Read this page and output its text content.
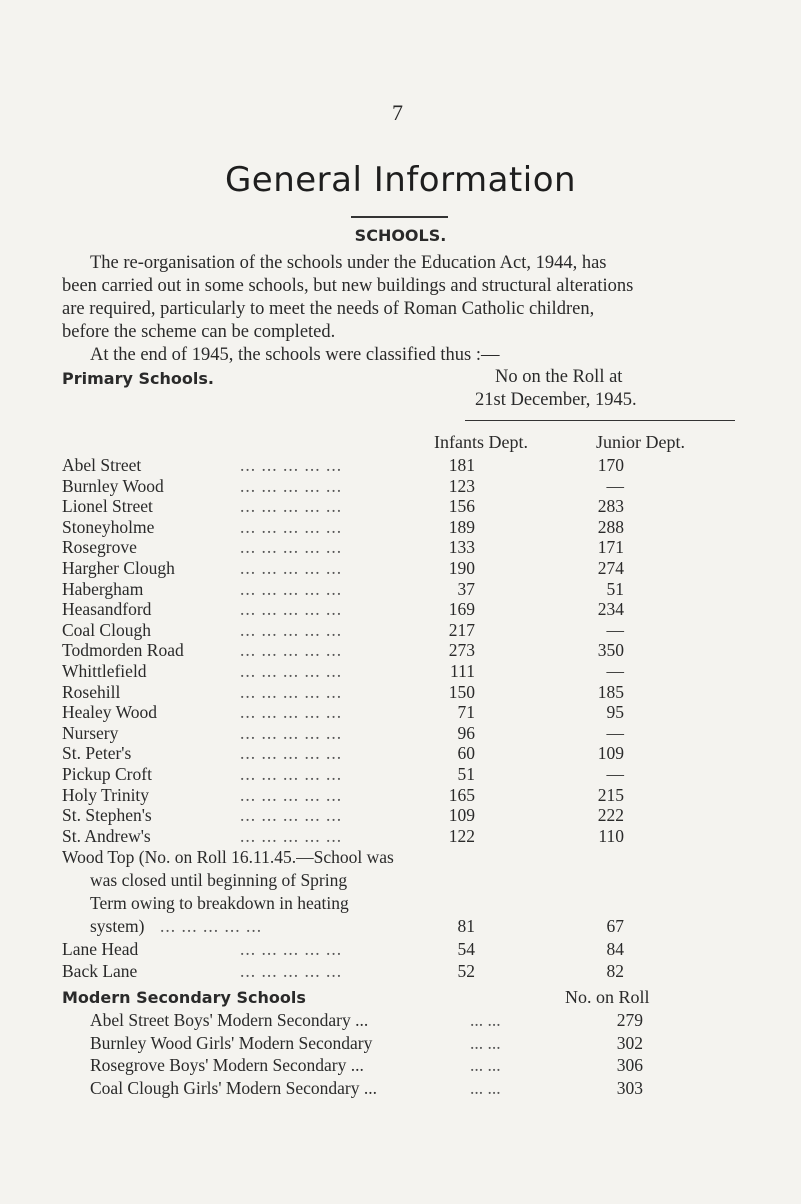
7
General Information
SCHOOLS.
The re-organisation of the schools under the Education Act, 1944, has
been carried out in some schools, but new buildings and structural alterations
are required, particularly to meet the needs of Roman Catholic children,
before the scheme can be completed.
At the end of 1945, the schools were classified thus :—
Primary Schools.	No on the Roll at
21st December, 1945.
Infants Dept.	Junior Dept.
Abel Street	... ... ... ... ...	181	170
Burnley Wood	... ... ... ... ...	123	—
Lionel Street	... ... ... ... ...	156	283
Stoneyholme	... ... ... ... ...	189	288
Rosegrove	... ... ... ... ...	133	171
Hargher Clough	... ... ... ... ...	190	274
Habergham	... ... ... ... ...	37	51
Heasandford	... ... ... ... ...	169	234
Coal Clough	... ... ... ... ...	217	—
Todmorden Road	... ... ... ... ...	273	350
Whittlefield	... ... ... ... ...	111	—
Rosehill	... ... ... ... ...	150	185
Healey Wood	... ... ... ... ...	71	95
Nursery	... ... ... ... ...	96	—
St. Peter's	... ... ... ... ...	60	109
Pickup Croft	... ... ... ... ...	51	—
Holy Trinity	... ... ... ... ...	165	215
St. Stephen's	... ... ... ... ...	109	222
St. Andrew's	... ... ... ... ...	122	110
Wood Top (No. on Roll 16.11.45.—School was
was closed until beginning of Spring
Term owing to breakdown in heating
system) ... ... ... ... ...	81	67
Lane Head	... ... ... ... ...	54	84
Back Lane	... ... ... ... ...	52	82
Modern Secondary Schools	No. on Roll
Abel Street Boys' Modern Secondary ...	... ...	279
Burnley Wood Girls' Modern Secondary	... ...	302
Rosegrove Boys' Modern Secondary ...	... ...	306
Coal Clough Girls' Modern Secondary ...	... ...	303
